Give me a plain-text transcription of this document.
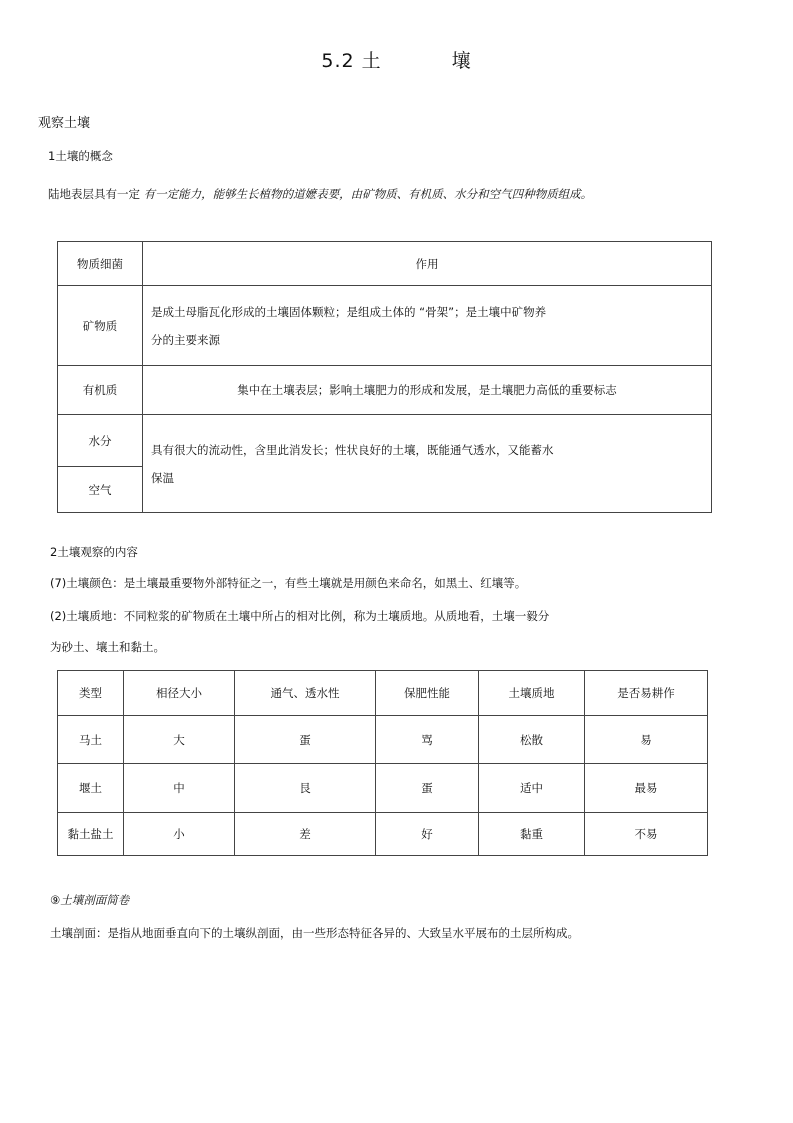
5.2 土	壤
观察土壤
1土壤的概念
陆地表层具有一定 有一定能力，能够生长植物的道嬷表要，由矿物质、有机质、水分和空气四种物质组成。
物质细菌	作用
矿物质	是成土母脂瓦化形成的土壤固体颗粒；是组成土体的 “骨架”；是土壤中矿物养
分的主要来源

有机质	集中在土壤表层；影响土壤肥力的形成和发展，是土壤肥力高低的重要标志
水分	具有很大的流动性，含里此消发长；性状良好的土壤，既能通气透水，又能蓄水
保温

空气	
2土壤观察的内容
(7)土壤颜色：是土壤最重要物外部特征之一，有些土壤就是用颜色来命名，如黑土、红壤等。
(2)土壤质地：不同粒浆的矿物质在土壤中所占的相对比例，称为土壤质地。从质地看，土壤一毅分
为砂土、壤土和黏土。
类型	相径大小	通气、透水性	保肥性能	土壤质地	是否易耕作
马土	大	蛋	骂	松散	易
堰土	中	艮	蛋	适中	最易
黏土盐土	小	差	好	黏重	不易
⑨土壤剖面简卷
土壤剖面：是指从地面垂直向下的土壤纵剖面，由一些形态特征各异的、大致呈水平展布的土层所构成。
